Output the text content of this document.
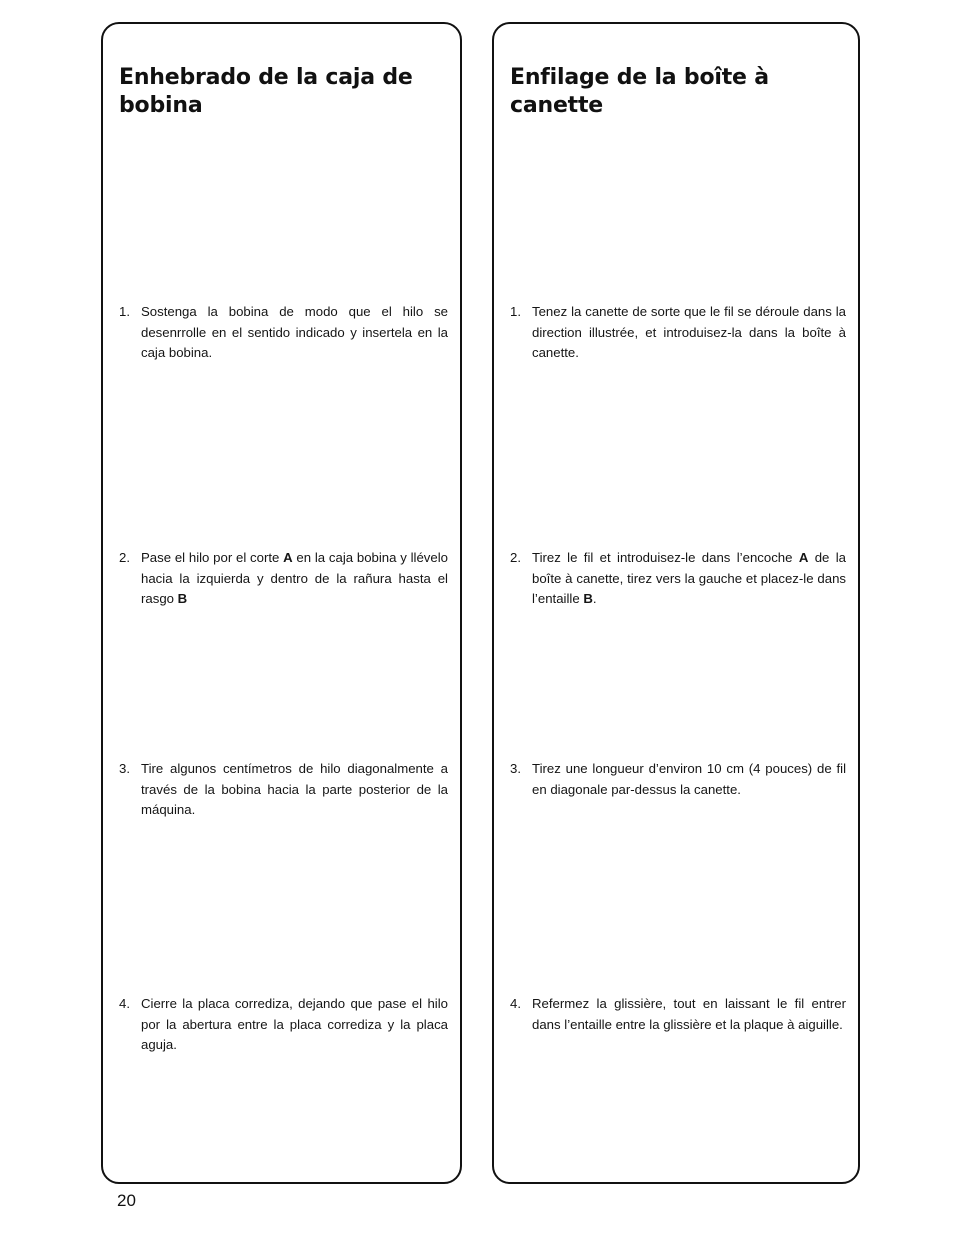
Enhebrado de la caja de bobina
1. Sostenga la bobina de modo que el hilo se desenrrolle en el sentido indicado y insertela en la caja bobina.
2. Pase el hilo por el corte A en la caja bobina y llévelo hacia la izquierda y dentro de la rañura hasta el rasgo B
3. Tire algunos centímetros de hilo diagonalmente a través de la bobina hacia la parte posterior de la máquina.
4. Cierre la placa corrediza, dejando que pase el hilo por la abertura entre la placa corrediza y la placa aguja.
Enfilage de la boîte à canette
1. Tenez la canette de sorte que le fil se déroule dans la direction illustrée, et introduisez-la dans la boîte à canette.
2. Tirez le fil et introduisez-le dans l’encoche A de la boîte à canette, tirez vers la gauche et placez-le dans l’entaille B.
3. Tirez une longueur d’environ 10 cm (4 pouces) de fil en diagonale par-dessus la canette.
4. Refermez la glissière, tout en laissant le fil entrer dans l’entaille entre la glissière et la plaque à aiguille.
20
